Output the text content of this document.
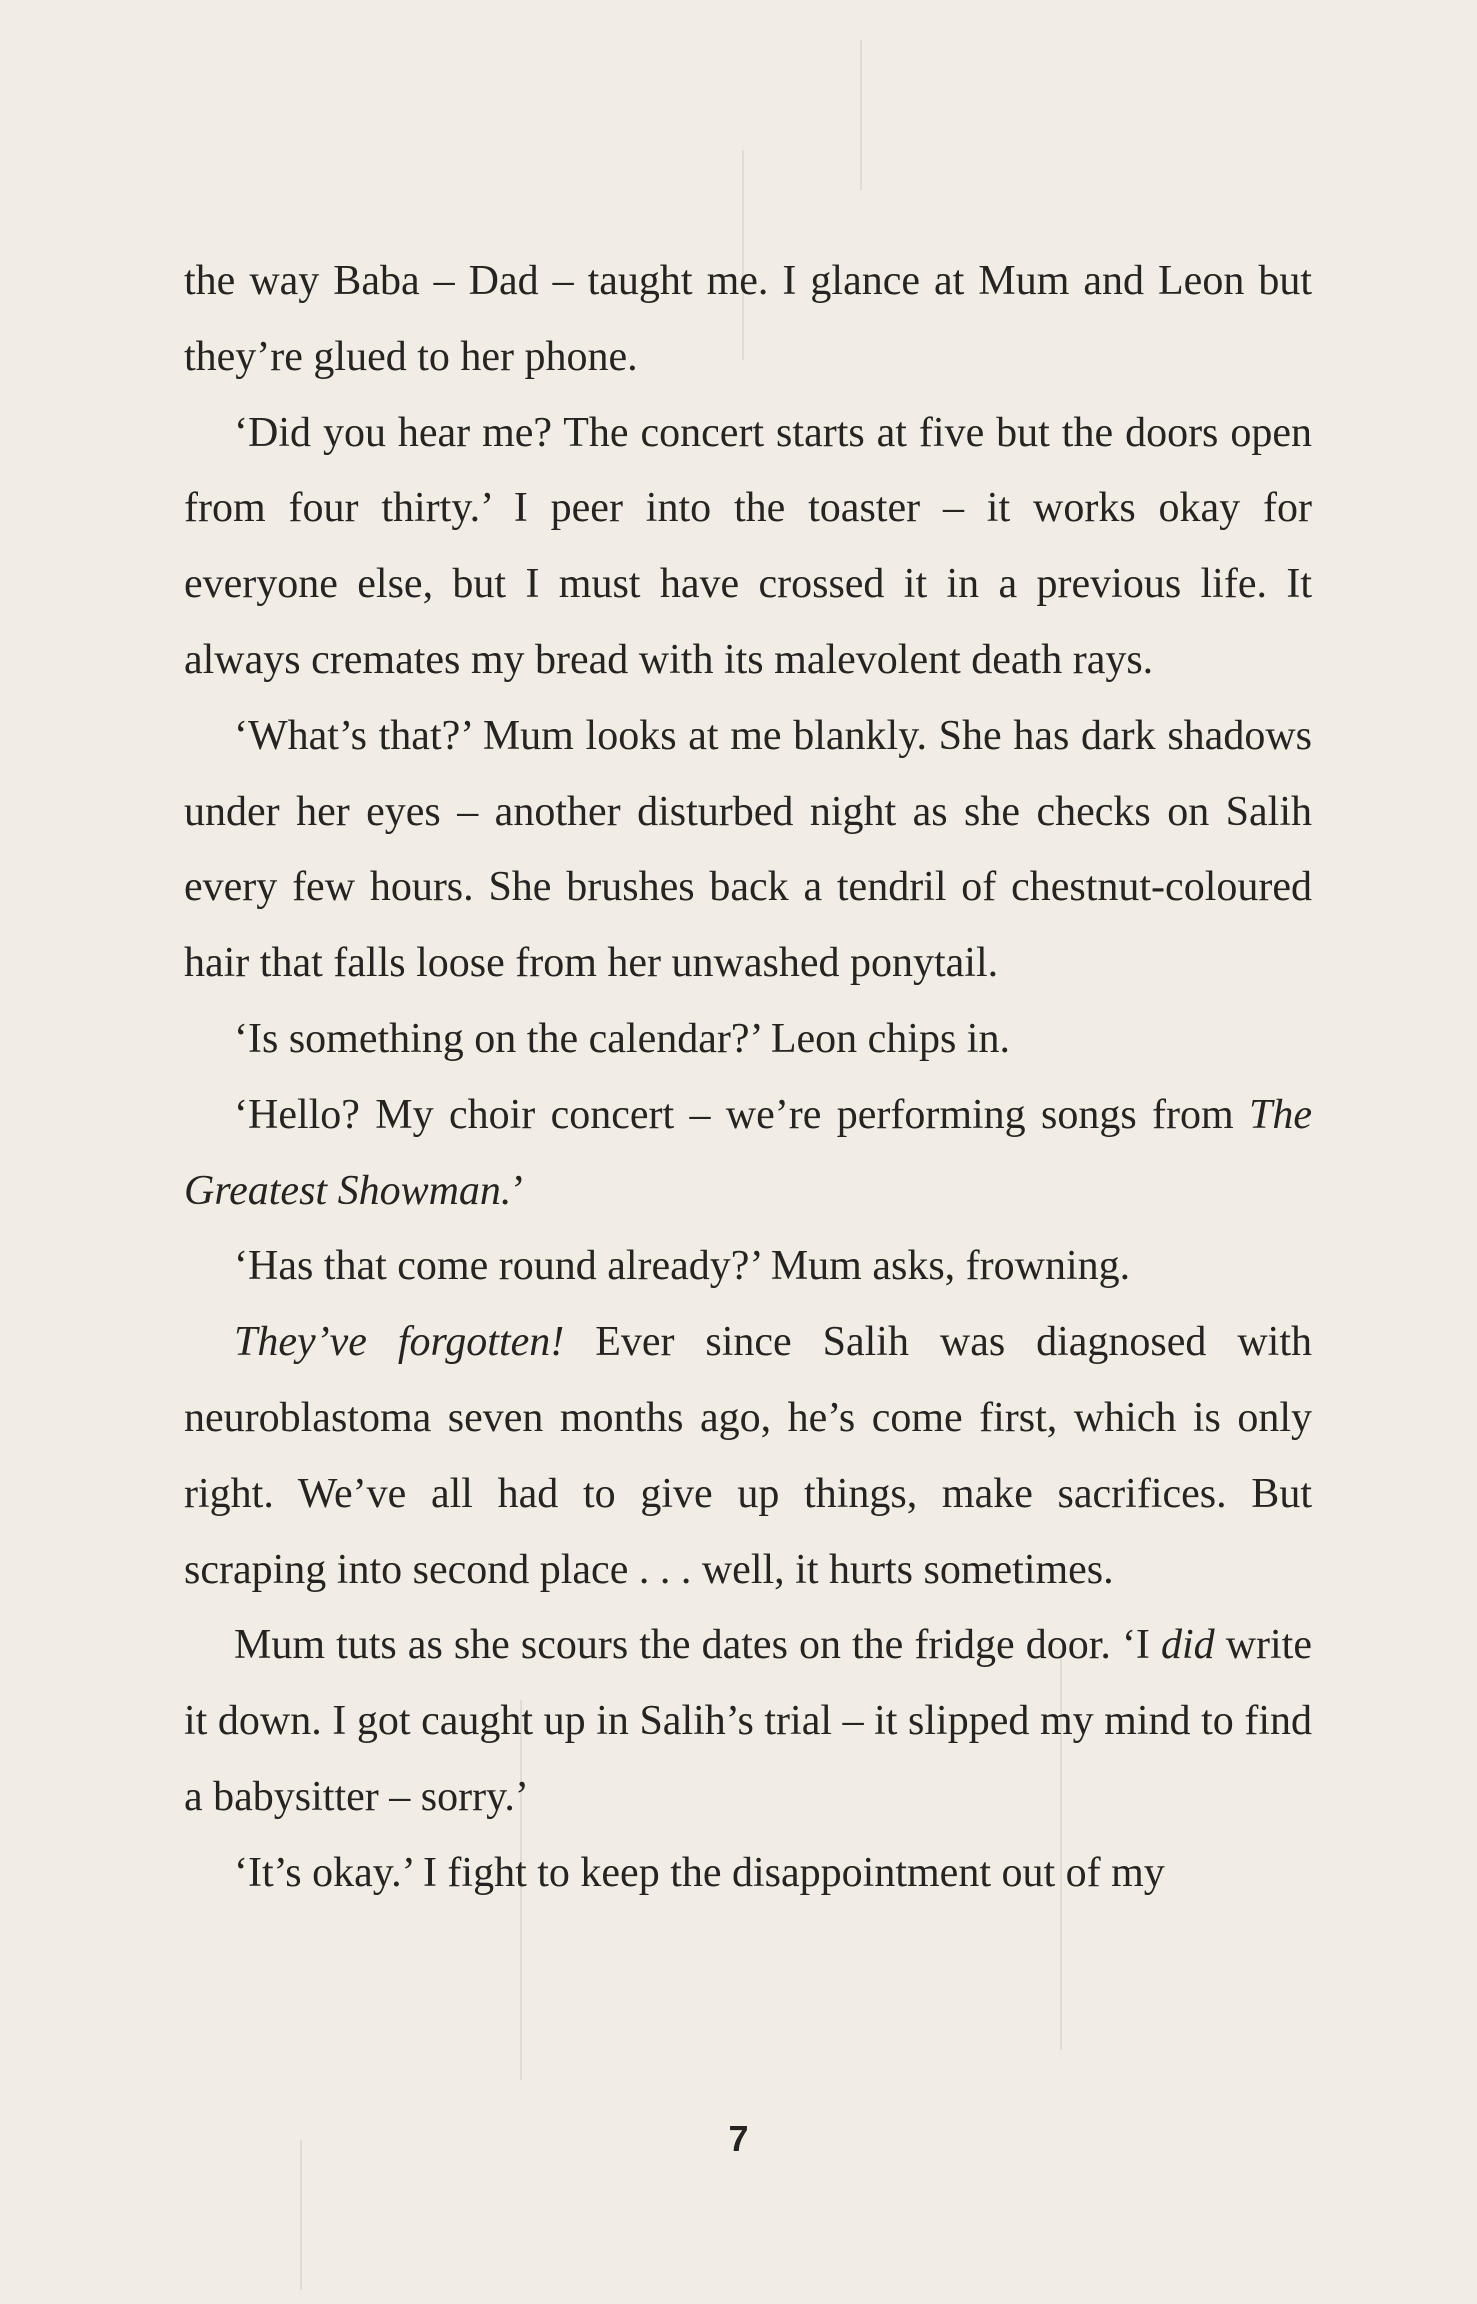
the way Baba – Dad – taught me. I glance at Mum and Leon but they’re glued to her phone.

‘Did you hear me? The concert starts at five but the doors open from four thirty.’ I peer into the toaster – it works okay for everyone else, but I must have crossed it in a previous life. It always cremates my bread with its malevolent death rays.

‘What’s that?’ Mum looks at me blankly. She has dark shadows under her eyes – another disturbed night as she checks on Salih every few hours. She brushes back a tendril of chestnut-coloured hair that falls loose from her unwashed ponytail.

‘Is something on the calendar?’ Leon chips in.

‘Hello? My choir concert – we’re performing songs from The Greatest Showman.’

‘Has that come round already?’ Mum asks, frowning.

They’ve forgotten! Ever since Salih was diagnosed with neuroblastoma seven months ago, he’s come first, which is only right. We’ve all had to give up things, make sacrifices. But scraping into second place . . . well, it hurts sometimes.

Mum tuts as she scours the dates on the fridge door. ‘I did write it down. I got caught up in Salih’s trial – it slipped my mind to find a babysitter – sorry.’

‘It’s okay.’ I fight to keep the disappointment out of my

7
